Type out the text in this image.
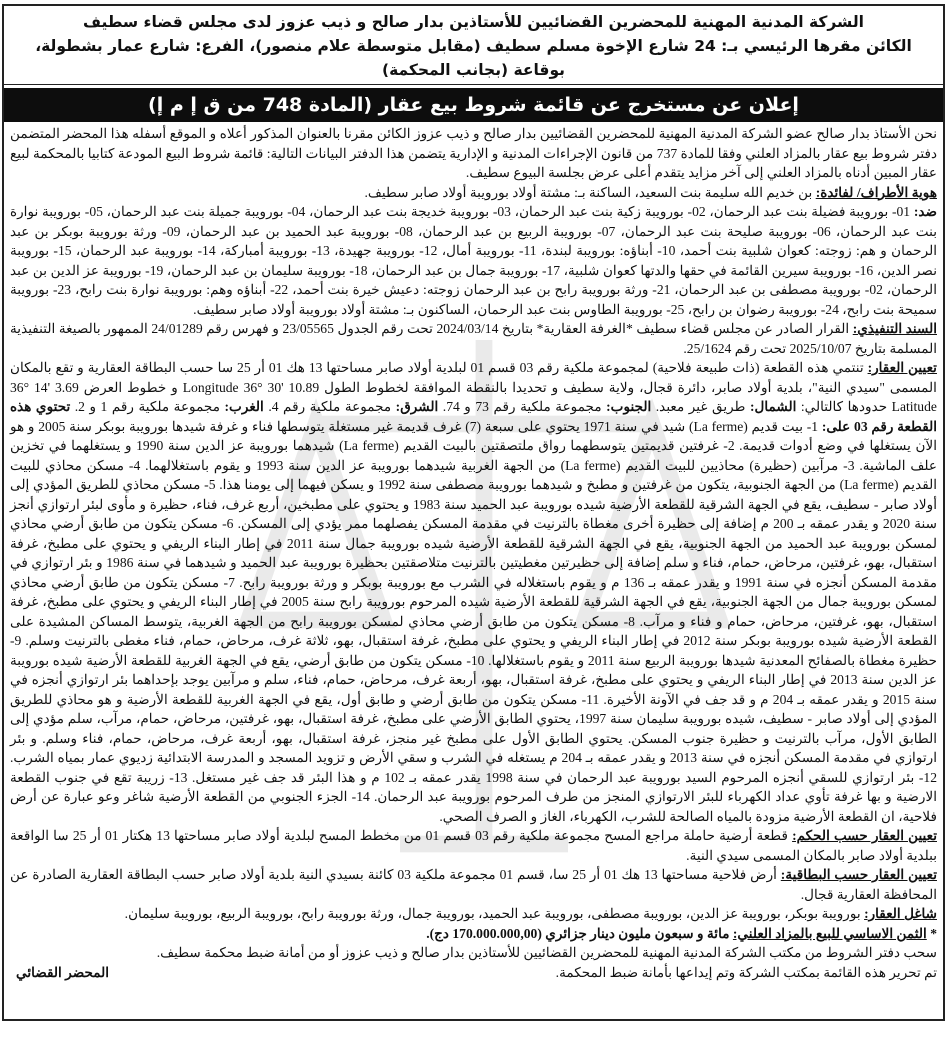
الشركة المدنية المهنية للمحضرين القضائيين للأستاذين بدار صالح و ذيب عزوز لدى مجلس قضاء سطيف
الكائن مقرها الرئيسي بـ: 24 شارع الإخوة مسلم سطيف (مقابل متوسطة علام منصور)، الفرع: شارع عمار بشطولة، بوقاعة (بجانب المحكمة)
إعلان عن مستخرج عن قائمة شروط بيع عقار (المادة 748 من ق إ م إ)

نحن الأستاذ بدار صالح عضو الشركة المدنية المهنية للمحضرين القضائيين بدار صالح و ذيب عزوز الكائن مقرنا بالعنوان المذكور أعلاه و الموقع أسفله هذا المحضر المتضمن دفتر شروط بيع عقار بالمزاد العلني وفقا للمادة 737 من قانون الإجراءات المدنية و الإدارية يتضمن هذا الدفتر البيانات التالية: قائمة شروط البيع المودعة كتابيا بالمحكمة لبيع عقار المبين أدناه بالمزاد العلني إلى آخر مزايد يتقدم أعلى عرض بجلسة البيوع سطيف.

هوية الأطراف/ لفائدة: بن خديم الله سليمة بنت السعيد، الساكنة بـ: مشتة أولاد بورويبة أولاد صابر سطيف.

ضد: 01- بورويبة فضيلة بنت عبد الرحمان، 02- بورويبة زكية بنت عبد الرحمان، 03- بورويبة خديجة بنت عبد الرحمان، 04- بورويبة جميلة بنت عبد الرحمان، 05- بورويبة نوارة بنت عبد الرحمان، 06- بورويبة صليحة بنت عبد الرحمان، 07- بورويبة الربيع بن عبد الرحمان، 08- بورويبة عبد الحميد بن عبد الرحمان، 09- ورثة بورويبة بوبكر بن عبد الرحمان و هم: زوجته: كعوان شلبية بنت أحمد، 10- أبناؤه: بورويبة لبندة، 11- بورويبة أمال، 12- بورويبة جهيدة، 13- بورويبة أمباركة، 14- بورويبة عبد الرحمان، 15- بورويبة نصر الدين، 16- بورويبة سيرين القائمة في حقها والدتها كعوان شلبية، 17- بورويبة جمال بن عبد الرحمان، 18- بورويبة سليمان بن عبد الرحمان، 19- بورويبة عز الدين بن عبد الرحمان، 02- بورويبة مصطفى بن عبد الرحمان، 21- ورثة بورويبة رابح بن عبد الرحمان زوجته: دعيش خيرة بنت أحمد، 22- أبناؤه وهم: بورويبة نوارة بنت رابح، 23- بورويبة سميحة بنت رابح، 24- بورويبة رضوان بن رابح، 25- بورويبة الطاوس بنت عبد الرحمان، الساكنون بـ: مشتة أولاد بورويبة أولاد صابر سطيف.

السند التنفيذي: القرار الصادر عن مجلس قضاء سطيف *الغرفة العقارية* بتاريخ 2024/03/14 تحت رقم الجدول 23/05565 و فهرس رقم 24/01289 الممهور بالصيغة التنفيذية المسلمة بتاريخ 2025/10/07 تحت رقم 25/1624.

تعيين العقار: تنتمي هذه القطعة (ذات طبيعة فلاحية) لمجموعة ملكية رقم 03 قسم 01 لبلدية أولاد صابر مساحتها 13 هك 01 أر 25 سا حسب البطاقة العقارية و تقع بالمكان المسمى "سيدي النية"، بلدية أولاد صابر، دائرة قجال، ولاية سطيف و تحديدا بالنقطة الموافقة لخطوط الطول 10.89 '30 °36 Longitude و خطوط العرض 3.69 '14 °36 Latitude حدودها كالتالي: الشمال: طريق غير معبد. الجنوب: مجموعة ملكية رقم 73 و 74. الشرق: مجموعة ملكية رقم 4. الغرب: مجموعة ملكية رقم 1 و 2. تحتوي هذه القطعة رقم 03 على: 1- بيت قديم (La ferme) شيد في سنة 1971 يحتوي على سبعة (7) غرف قديمة غير مستغلة يتوسطها فناء و غرفة شيدها بورويبة بوبكر سنة 2005 و هو الآن يستغلها في وضع أدوات قديمة. 2- غرفتين قديمتين يتوسطهما رواق ملتصقتين بالبيت القديم (La ferme) شيدهما بورويبة عز الدين سنة 1990 و يستغلهما في تخزين علف الماشية. 3- مرآبين (حظيرة) محاذيين للبيت القديم (La ferme) من الجهة الغربية شيدهما بورويبة عز الدين سنة 1993 و يقوم باستغلالهما. 4- مسكن محاذي للبيت القديم (La ferme) من الجهة الجنوبية، يتكون من غرفتين و مطبخ و شيدهما بورويبة مصطفى سنة 1992 و يسكن فيهما إلى يومنا هذا. 5- مسكن محاذي للطريق المؤدي إلى أولاد صابر - سطيف، يقع في الجهة الشرقية للقطعة الأرضية شيده بورويبة عبد الحميد سنة 1983 و يحتوي على مطبخين، أربع غرف، فناء، حظيرة و مأوى لبئر ارتوازي أنجز سنة 2020 و يقدر عمقه بـ 200 م إضافة إلى حظيرة أخرى مغطاة بالترنيت في مقدمة المسكن يفصلهما ممر يؤدي إلى المسكن. 6- مسكن يتكون من طابق أرضي محاذي لمسكن بورويبة عبد الحميد من الجهة الجنوبية، يقع في الجهة الشرقية للقطعة الأرضية شيده بورويبة جمال سنة 2011 في إطار البناء الريفي و يحتوي على مطبخ، غرفة استقبال، بهو، غرفتين، مرحاض، حمام، فناء و سلم إضافة إلى حظيرتين مغطيتين بالترنيت متلاصقتين بحظيرة بورويبة عبد الحميد و شيدهما في سنة 1986 و بئر ارتوازي في مقدمة المسكن أنجزه في سنة 1991 و يقدر عمقه بـ 136 م و يقوم باستغلاله في الشرب مع بورويبة بوبكر و ورثة بورويبة رابح. 7- مسكن يتكون من طابق أرضي محاذي لمسكن بورويبة جمال من الجهة الجنوبية، يقع في الجهة الشرقية للقطعة الأرضية شيده المرحوم بورويبة رابح سنة 2005 في إطار البناء الريفي و يحتوي على مطبخ، غرفة استقبال، بهو، غرفتين، مرحاض، حمام و فناء و مرآب. 8- مسكن يتكون من طابق أرضي محاذي لمسكن بورويبة رابح من الجهة الغربية، يتوسط المساكن المشيدة على القطعة الأرضية شيده بورويبة بوبكر سنة 2012 في إطار البناء الريفي و يحتوي على مطبخ، غرفة استقبال، بهو، ثلاثة غرف، مرحاض، حمام، فناء مغطى بالترنيت وسلم. 9- حظيرة مغطاة بالصفائح المعدنية شيدها بورويبة الربيع سنة 2011 و يقوم باستغلالها. 10- مسكن يتكون من طابق أرضي، يقع في الجهة الغربية للقطعة الأرضية شيده بورويبة عز الدين سنة 2013 في إطار البناء الريفي و يحتوي على مطبخ، غرفة استقبال، بهو، أربعة غرف، مرحاض، حمام، فناء، سلم و مرآبين يوجد بإحداهما بئر ارتوازي أنجزه في سنة 2015 و يقدر عمقه بـ 204 م و قد جف في الآونة الأخيرة. 11- مسكن يتكون من طابق أرضي و طابق أول، يقع في الجهة الغربية للقطعة الأرضية و هو محاذي للطريق المؤدي إلى أولاد صابر - سطيف، شيده بورويبة سليمان سنة 1997، يحتوي الطابق الأرضي على مطبخ، غرفة استقبال، بهو، غرفتين، مرحاض، حمام، مرآب، سلم مؤدي إلى الطابق الأول، مرآب بالترنيت و حظيرة جنوب المسكن. يحتوي الطابق الأول على مطبخ غير منجز، غرفة استقبال، بهو، أربعة غرف، مرحاض، حمام، فناء وسلم. و بئر ارتوازي في مقدمة المسكن أنجزه في سنة 2013 و يقدر عمقه بـ 204 م يستغله في الشرب و سقي الأرض و تزويد المسجد و المدرسة الابتدائية زديوي عمار بمياه الشرب. 12- بئر ارتوازي للسقي أنجزه المرحوم السيد بورويبة عبد الرحمان في سنة 1998 يقدر عمقه بـ 102 م و هذا البئر قد جف غير مستغل. 13- زريبة تقع في جنوب القطعة الارضية و بها غرفة تأوي عداد الكهرباء للبئر الارتوازي المنجز من طرف المرحوم بورويبة عبد الرحمان. 14- الجزء الجنوبي من القطعة الأرضية شاغر وعو عبارة عن أرض فلاحية، ان القطعة الأرضية مزودة بالمياه الصالحة للشرب، الكهرباء، الغاز و الصرف الصحي.

تعيين العقار حسب الحكم: قطعة أرضية حاملة مراجع المسح مجموعة ملكية رقم 03 قسم 01 من مخطط المسح لبلدية أولاد صابر مساحتها 13 هكتار 01 أر 25 سا الواقعة ببلدية أولاد صابر بالمكان المسمى سيدي النية.

تعيين العقار حسب البطاقية: أرض فلاحية مساحتها 13 هك 01 أر 25 سا، قسم 01 مجموعة ملكية 03 كائنة بسيدي النية بلدية أولاد صابر حسب البطاقة العقارية الصادرة عن المحافظة العقارية قجال.

شاغل العقار: بورويبة بوبكر، بورويبة عز الدين، بورويبة مصطفى، بورويبة عبد الحميد، بورويبة جمال، ورثة بورويبة رابح، بورويبة الربيع، بورويبة سليمان.

* الثمن الاساسي للبيع بالمزاد العلني: مائة و سبعون مليون دينار جزائري (170.000.000,00 دج).

سحب دفتر الشروط من مكتب الشركة المدنية المهنية للمحضرين القضائيين للأستاذين بدار صالح و ذيب عزوز أو من أمانة ضبط محكمة سطيف.

تم تحرير هذه القائمة بمكتب الشركة وتم إيداعها بأمانة ضبط المحكمة.
المحضر القضائي
